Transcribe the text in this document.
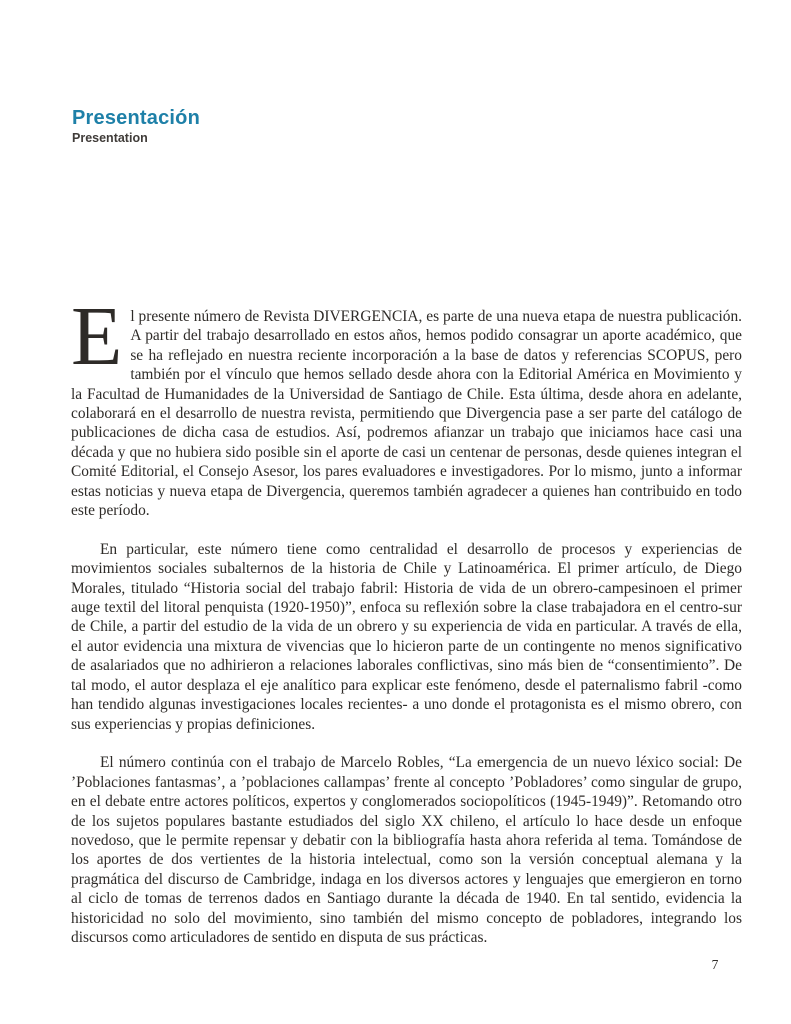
Presentación
Presentation

El presente número de Revista DIVERGENCIA, es parte de una nueva etapa de nuestra publicación. A partir del trabajo desarrollado en estos años, hemos podido consagrar un aporte académico, que se ha reflejado en nuestra reciente incorporación a la base de datos y referencias SCOPUS, pero también por el vínculo que hemos sellado desde ahora con la Editorial América en Movimiento y la Facultad de Humanidades de la Universidad de Santiago de Chile. Esta última, desde ahora en adelante, colaborará en el desarrollo de nuestra revista, permitiendo que Divergencia pase a ser parte del catálogo de publicaciones de dicha casa de estudios. Así, podremos afianzar un trabajo que iniciamos hace casi una década y que no hubiera sido posible sin el aporte de casi un centenar de personas, desde quienes integran el Comité Editorial, el Consejo Asesor, los pares evaluadores e investigadores. Por lo mismo, junto a informar estas noticias y nueva etapa de Divergencia, queremos también agradecer a quienes han contribuido en todo este período.

En particular, este número tiene como centralidad el desarrollo de procesos y experiencias de movimientos sociales subalternos de la historia de Chile y Latinoamérica. El primer artículo, de Diego Morales, titulado “Historia social del trabajo fabril: Historia de vida de un obrero-campesinoen el primer auge textil del litoral penquista (1920-1950)”, enfoca su reflexión sobre la clase trabajadora en el centro-sur de Chile, a partir del estudio de la vida de un obrero y su experiencia de vida en particular. A través de ella, el autor evidencia una mixtura de vivencias que lo hicieron parte de un contingente no menos significativo de asalariados que no adhirieron a relaciones laborales conflictivas, sino más bien de “consentimiento”. De tal modo, el autor desplaza el eje analítico para explicar este fenómeno, desde el paternalismo fabril -como han tendido algunas investigaciones locales recientes- a uno donde el protagonista es el mismo obrero, con sus experiencias y propias definiciones.

El número continúa con el trabajo de Marcelo Robles, “La emergencia de un nuevo léxico social: De ’Poblaciones fantasmas’, a ’poblaciones callampas’ frente al concepto ’Pobladores’ como singular de grupo, en el debate entre actores políticos, expertos y conglomerados sociopolíticos (1945-1949)”. Retomando otro de los sujetos populares bastante estudiados del siglo XX chileno, el artículo lo hace desde un enfoque novedoso, que le permite repensar y debatir con la bibliografía hasta ahora referida al tema. Tomándose de los aportes de dos vertientes de la historia intelectual, como son la versión conceptual alemana y la pragmática del discurso de Cambridge, indaga en los diversos actores y lenguajes que emergieron en torno al ciclo de tomas de terrenos dados en Santiago durante la década de 1940. En tal sentido, evidencia la historicidad no solo del movimiento, sino también del mismo concepto de pobladores, integrando los discursos como articuladores de sentido en disputa de sus prácticas.

7
